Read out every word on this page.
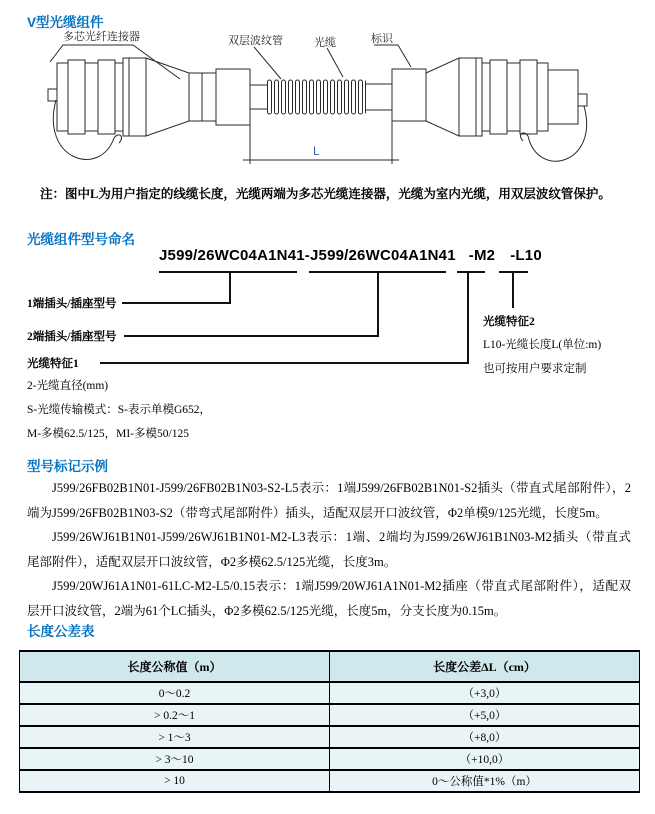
V型光缆组件
多芯光纤连接器	双层波纹管	光缆	标识
L
注：图中L为用户指定的线缆长度，光缆两端为多芯光缆连接器，光缆为室内光缆，用双层波纹管保护。
光缆组件型号命名
J599/26WC04A1N41-J599/26WC04A1N41 -M2 -L10
1端插头/插座型号
2端插头/插座型号
光缆特征1
2-光缆直径(mm)
S-光缆传输模式：S-表示单模G652，
M-多模62.5/125，MI-多模50/125
光缆特征2
L10-光缆长度L(单位:m)
也可按用户要求定制
型号标记示例

J599/26FB02B1N01-J599/26FB02B1N03-S2-L5表示：1端J599/26FB02B1N01-S2插头（带直式尾部附件），2端为J599/26FB02B1N03-S2（带弯式尾部附件）插头，适配双层开口波纹管，Φ2单模9/125光缆，长度5m。

J599/26WJ61B1N01-J599/26WJ61B1N01-M2-L3表示：1端、2端均为J599/26WJ61B1N03-M2插头（带直式尾部附件），适配双层开口波纹管，Φ2多模62.5/125光缆，长度3m。

J599/20WJ61A1N01-61LC-M2-L5/0.15表示：1端J599/20WJ61A1N01-M2插座（带直式尾部附件），适配双层开口波纹管，2端为61个LC插头，Φ2多模62.5/125光缆，长度5m，分支长度为0.15m。

长度公差表
长度公称值（m）	长度公差ΔL（cm）
0～0.2	（+3,0）
> 0.2～1	（+5,0）
> 1～3	（+8,0）
> 3～10	（+10,0）
> 10	0～公称值*1%（m）
